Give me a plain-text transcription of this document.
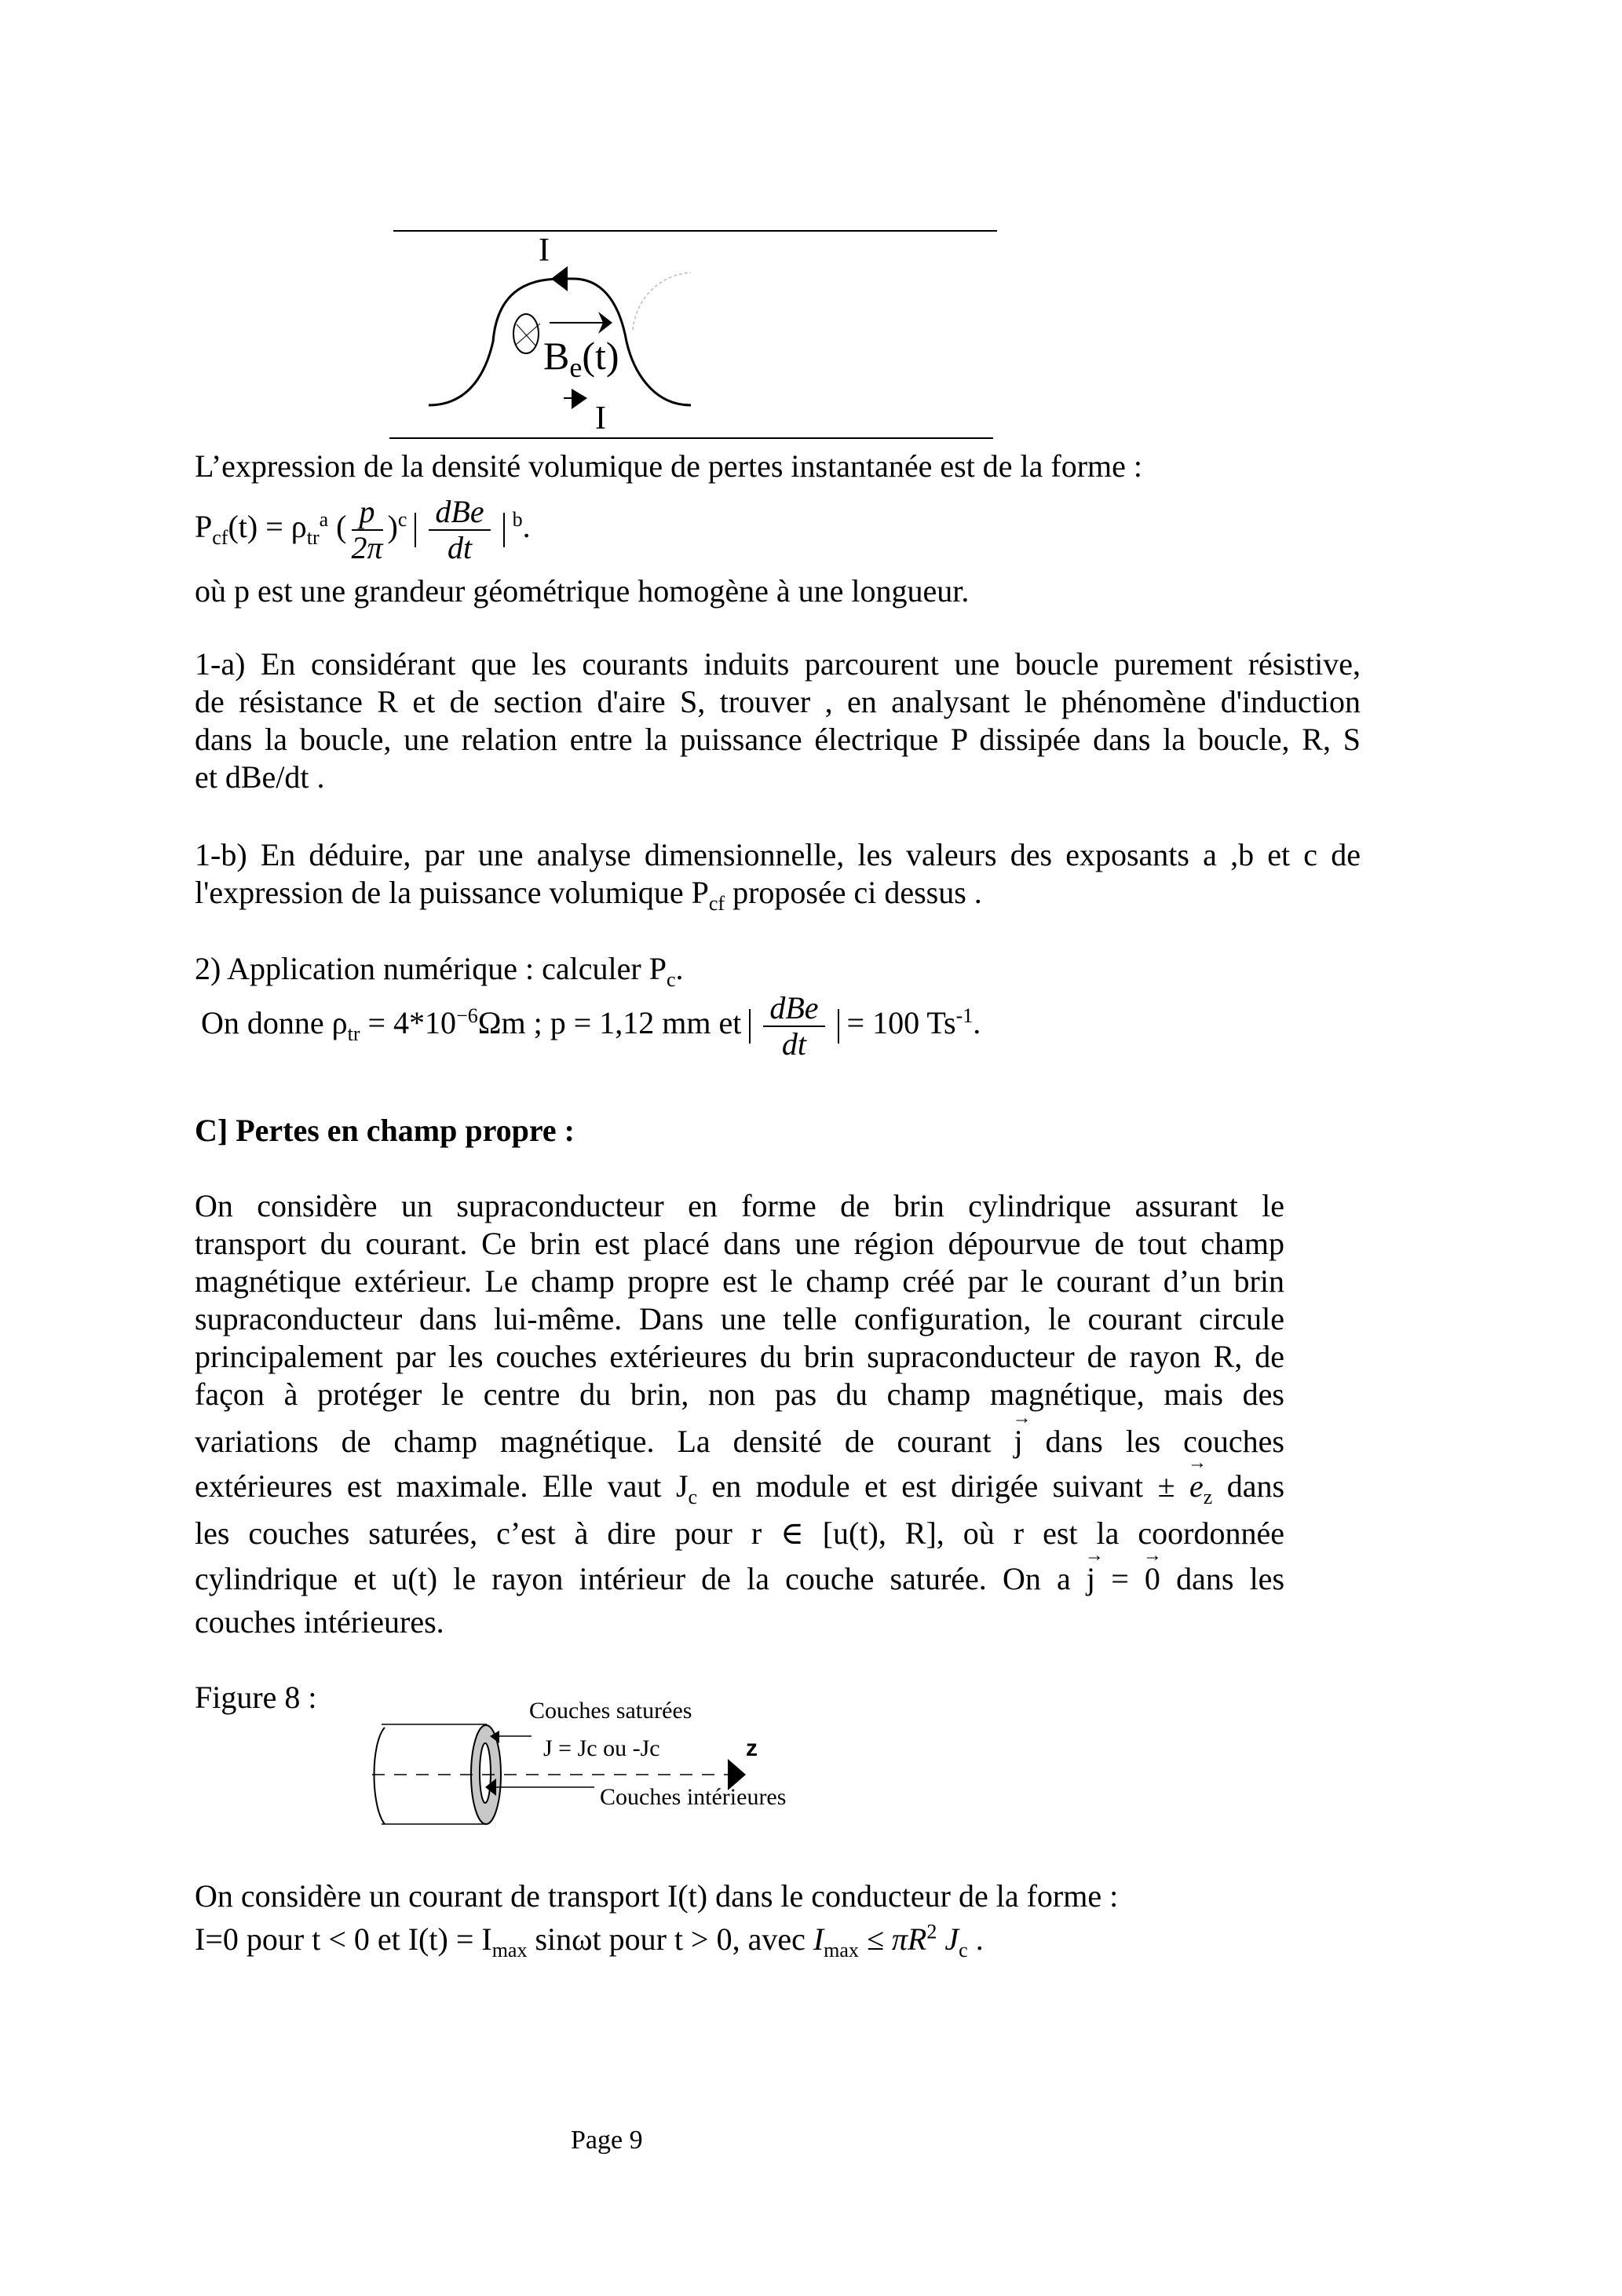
I
I
$B_e(t)$
L’expression de la densité volumique de pertes instantanée est de la forme :
$P_{cf}(t) = \rho_{tr}^a$ ( $\frac{p}{2\pi} )^c \frac{\text{dBe}}{dt} ^b$.
où p est une grandeur géométrique homogène à une longueur.
1-a) En considérant que les courants induits parcourent une boucle purement résistive,
de résistance R et de section d'aire S, trouver , en analysant le phénomène d'induction
dans la boucle, une relation entre la puissance électrique P dissipée dans la boucle, R, S
et dBe/dt .
1-b) En déduire, par une analyse dimensionnelle, les valeurs des exposants a ,b et c de
l'expression de la puissance volumique $P_{cf}$ proposée ci dessus .
2) Application numérique : calculer $P_c$.
On donne $\rho_{tr} = 4*10^{-6}\Omega m$ ; p = 1,12 mm et $\frac{\text{dBe}}{dt} = 100$ $Ts^{-1}$.
C] Pertes en champ propre :
On considère un supraconducteur en forme de brin cylindrique assurant le
transport du courant. Ce brin est placé dans une région dépourvue de tout champ
magnétique extérieur. Le champ propre est le champ créé par le courant d’un brin
supraconducteur dans lui-même. Dans une telle configuration, le courant circule
principalement par les couches extérieures du brin supraconducteur de rayon R, de
façon à protéger le centre du brin, non pas du champ magnétique, mais des
variations de champ magnétique. La densité de courant → j dans les couches
extérieures est maximale. Elle vaut $J_c$ en module et est dirigée suivant ± → $e_z$ dans
les couches saturées, c’est à dire pour r ∈ [u(t), R], où r est la coordonnée
cylindrique et u(t) le rayon intérieur de la couche saturée. On a → j = → 0 dans les
couches intérieures.
Figure 8 :	Couches saturées
J = Jc ou -Jc
Couches intérieures
z
On considère un courant de transport I(t) dans le conducteur de la forme :
I=0 pour t < 0 et $I(t) = I_{max}$ sinωt pour t > 0, avec $I_{max} \le \pi R^2$ $J_c$ .
Page 9
